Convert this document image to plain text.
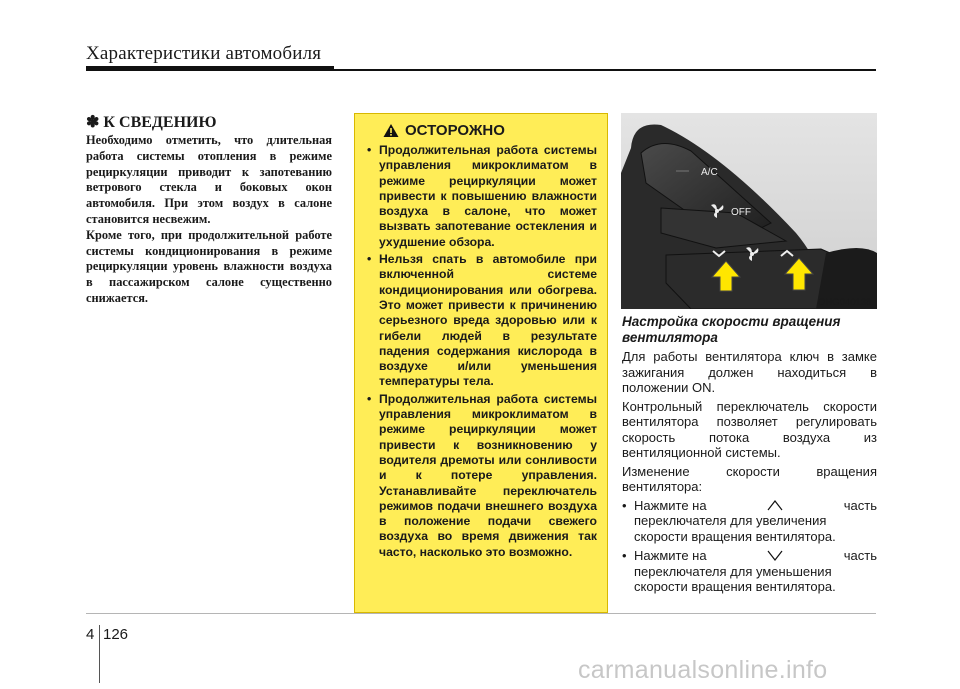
Характеристики автомобиля
✽ К СВЕДЕНИЮ

Необходимо отметить, что длительная работа системы отопления в режиме рециркуляции приводит к запотеванию ветрового стекла и боковых окон автомобиля. При этом воздух в салоне становится несвежим.

Кроме того, при продолжительной работе системы кондиционирования в режиме рециркуляции уровень влажности воздуха в пассажирском салоне существенно снижается.

ОСТОРОЖНО
• Продолжительная работа системы управления микроклиматом в режиме рециркуляции может привести к повышению влажности воздуха в салоне, что может вызвать запотевание остекления и ухудшение обзора.
• Нельзя спать в автомобиле при включенной системе кондиционирования или обогрева. Это может привести к причинению серьезного вреда здоровью или к гибели людей в результате падения содержания кислорода в воздухе и/или уменьшения температуры тела.
• Продолжительная работа системы управления микроклиматом в режиме рециркуляции может привести к возникновению у водителя дремоты или сонливости и к потере управления. Устанавливайте переключатель режимов подачи внешнего воздуха в положение подачи свежего воздуха во время движения так часто, насколько это возможно.
A/C
OFF
OHG040138
Настройка скорости вращения вентилятора

Для работы вентилятора ключ в замке зажигания должен находиться в положении ON.

Контрольный переключатель скорости вентилятора позволяет регулировать скорость потока воздуха из вентиляционной системы.

Изменение скорости вращения вентилятора:

• Нажмите на	часть
переключателя для увеличения скорости вращения вентилятора.
• Нажмите на	часть
переключателя для уменьшения скорости вращения вентилятора.
4 126
carmanualsonline.info
